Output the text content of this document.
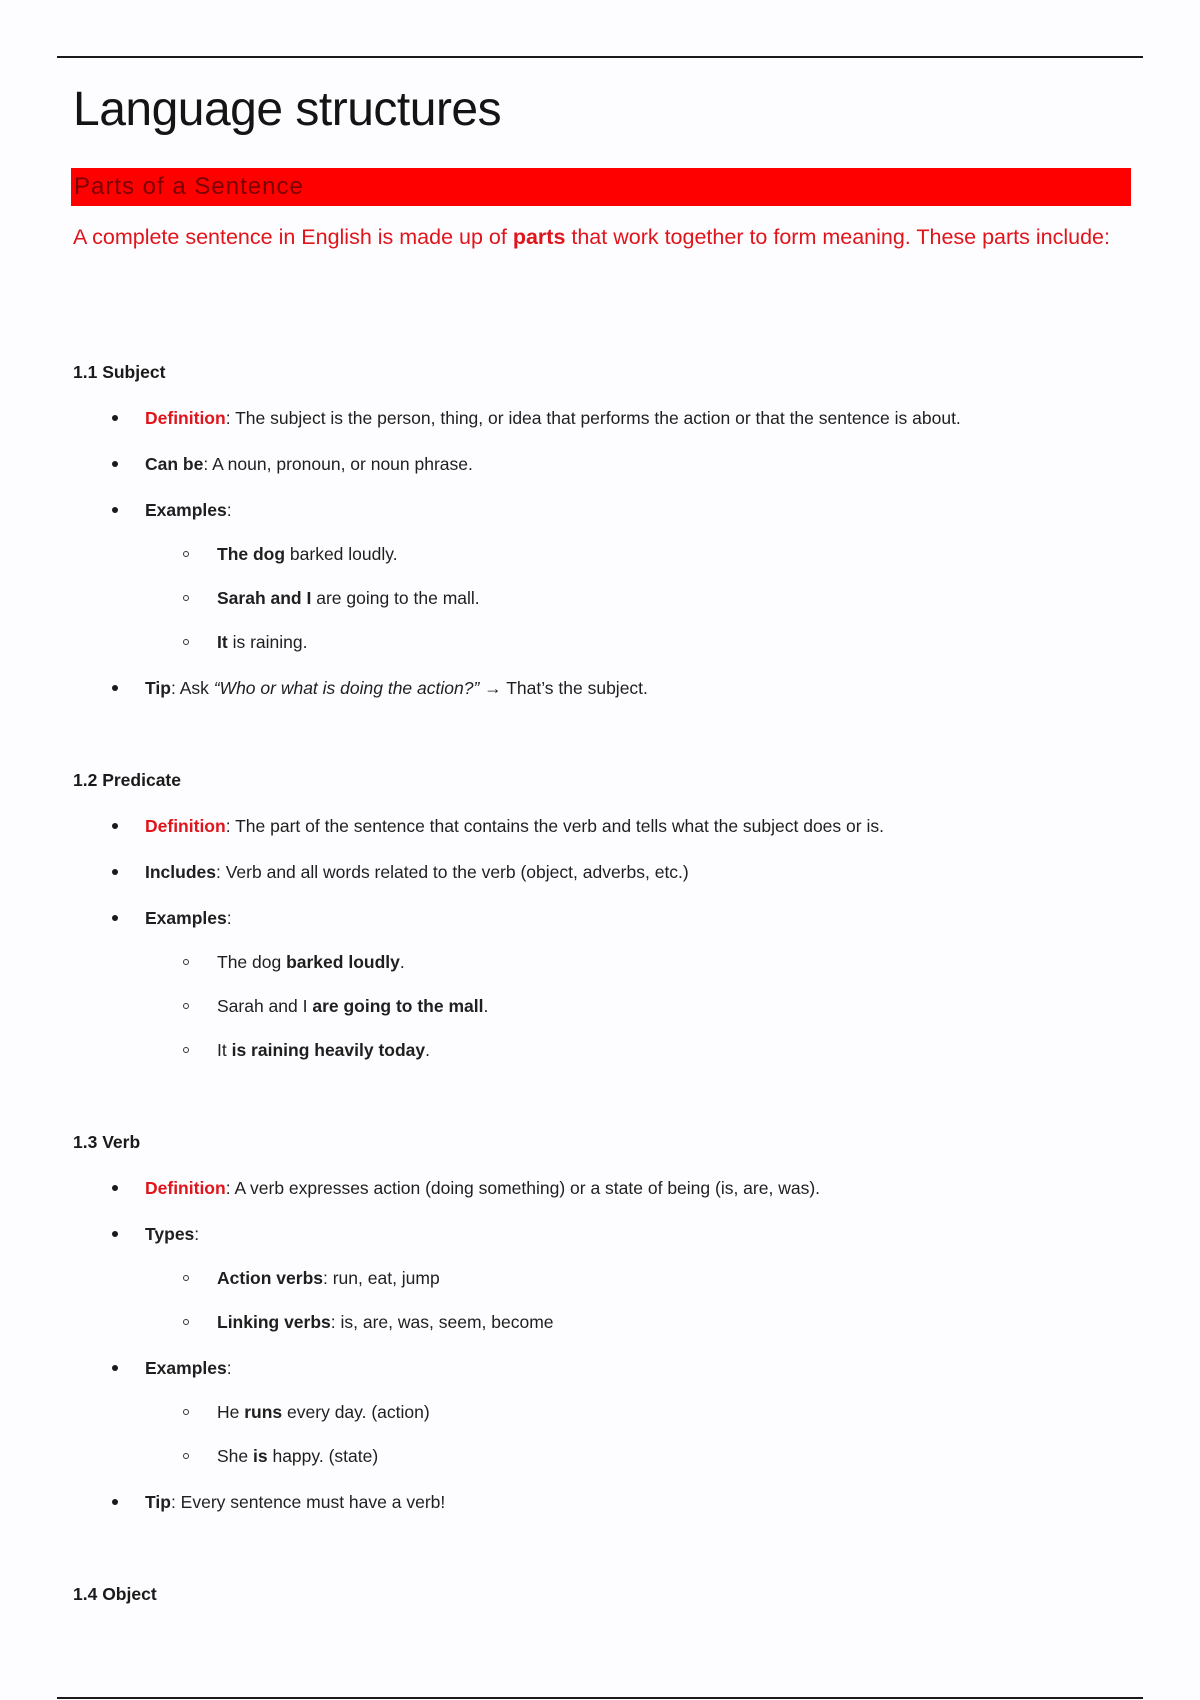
Language structures
Parts of a Sentence

A complete sentence in English is made up of parts that work together to form meaning. These parts include:

1.1 Subject
Definition: The subject is the person, thing, or idea that performs the action or that the sentence is about.
Can be: A noun, pronoun, or noun phrase.
Examples:
The dog barked loudly.
Sarah and I are going to the mall.
It is raining.
Tip: Ask “Who or what is doing the action?” → That’s the subject.
1.2 Predicate
Definition: The part of the sentence that contains the verb and tells what the subject does or is.
Includes: Verb and all words related to the verb (object, adverbs, etc.)
Examples:
The dog barked loudly.
Sarah and I are going to the mall.
It is raining heavily today.
1.3 Verb
Definition: A verb expresses action (doing something) or a state of being (is, are, was).
Types:
Action verbs: run, eat, jump
Linking verbs: is, are, was, seem, become
Examples:
He runs every day. (action)
She is happy. (state)
Tip: Every sentence must have a verb!
1.4 Object
